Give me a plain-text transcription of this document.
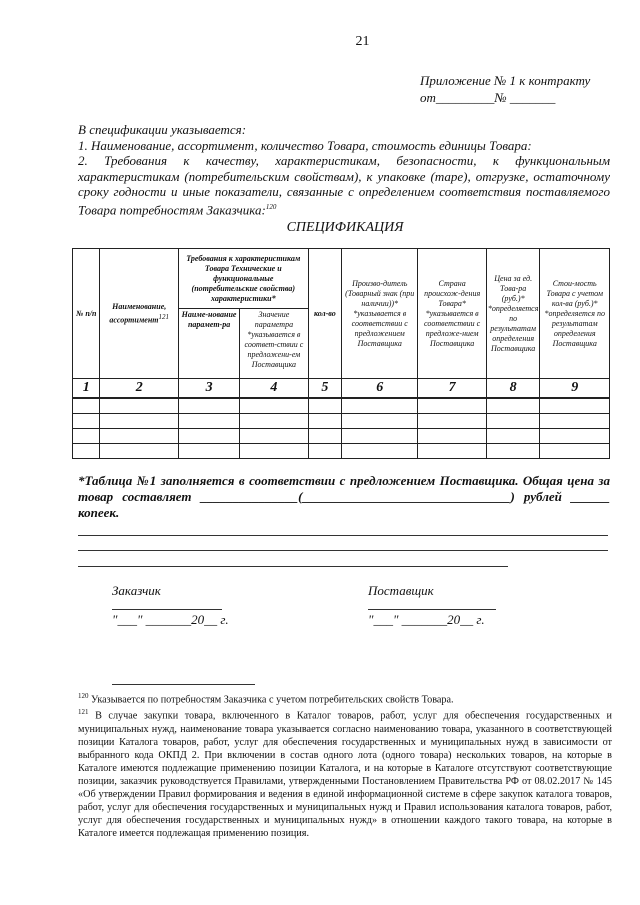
21
Приложение № 1 к контракту
от_________№ _______

В спецификации указывается:

1. Наименование, ассортимент, количество Товара, стоимость единицы Товара:

2. Требования к качеству, характеристикам, безопасности, к функциональным характеристикам (потребительским свойствам), к упаковке (таре), отгрузке, остаточному сроку годности и иные показатели, связанные с определением соответствия поставляемого Товара потребностям Заказчика:$^{120}$

СПЕЦИФИКАЦИЯ
№ п/п	Наименование, ассортимент$^{121}$	Требования к характеристикам Товара Технические и функциональные (потребительские свойства) характеристики*		кол-во	Произво-дитель (Товарный знак (при наличии))* *указывается в соответствии с предложением Поставщика	Страна происхож-дения Товара* *указывается в соответствии с предложе-нием Поставщика	Цена за ед. Това-ра (руб.)* *определяется по результатам определения Поставщика	Стои-мость Товара с учетом кол-ва (руб.)* *определяется по результатам определения Поставщика
		Наиме-нование парамет-ра	Значение параметра *указывается в соответ-ствии с предложени-ем Поставщика					
1	2	3	4	5	6	7	8	9

*Таблица №1 заполняется в соответствии с предложением Поставщика. Общая цена за товар составляет _______________(________________________________) рублей ______ копеек.
Заказчик
"___" _______20__ г.
Поставщик
"___" _______20__ г.

$^{120}$ Указывается по потребностям Заказчика с учетом потребительских свойств Товара.

$^{121}$ В случае закупки товара, включенного в Каталог товаров, работ, услуг для обеспечения государственных и муниципальных нужд, наименование товара указывается согласно наименованию товара, указанного в соответствующей позиции Каталога товаров, работ, услуг для обеспечения государственных и муниципальных нужд в зависимости от выбранного кода ОКПД 2. При включении в состав одного лота (одного товара) нескольких товаров, на которые в Каталоге имеются подлежащие применению позиции Каталога, и на которые в Каталоге отсутствуют соответствующие позиции, заказчик руководствуется Правилами, утвержденными Постановлением Правительства РФ от 08.02.2017 № 145 «Об утверждении Правил формирования и ведения в единой информационной системе в сфере закупок каталога товаров, работ, услуг для обеспечения государственных и муниципальных нужд и Правил использования каталога товаров, работ, услуг для обеспечения государственных и муниципальных нужд» в отношении каждого такого товара, на которые в Каталоге имеется подлежащая применению позиция.
